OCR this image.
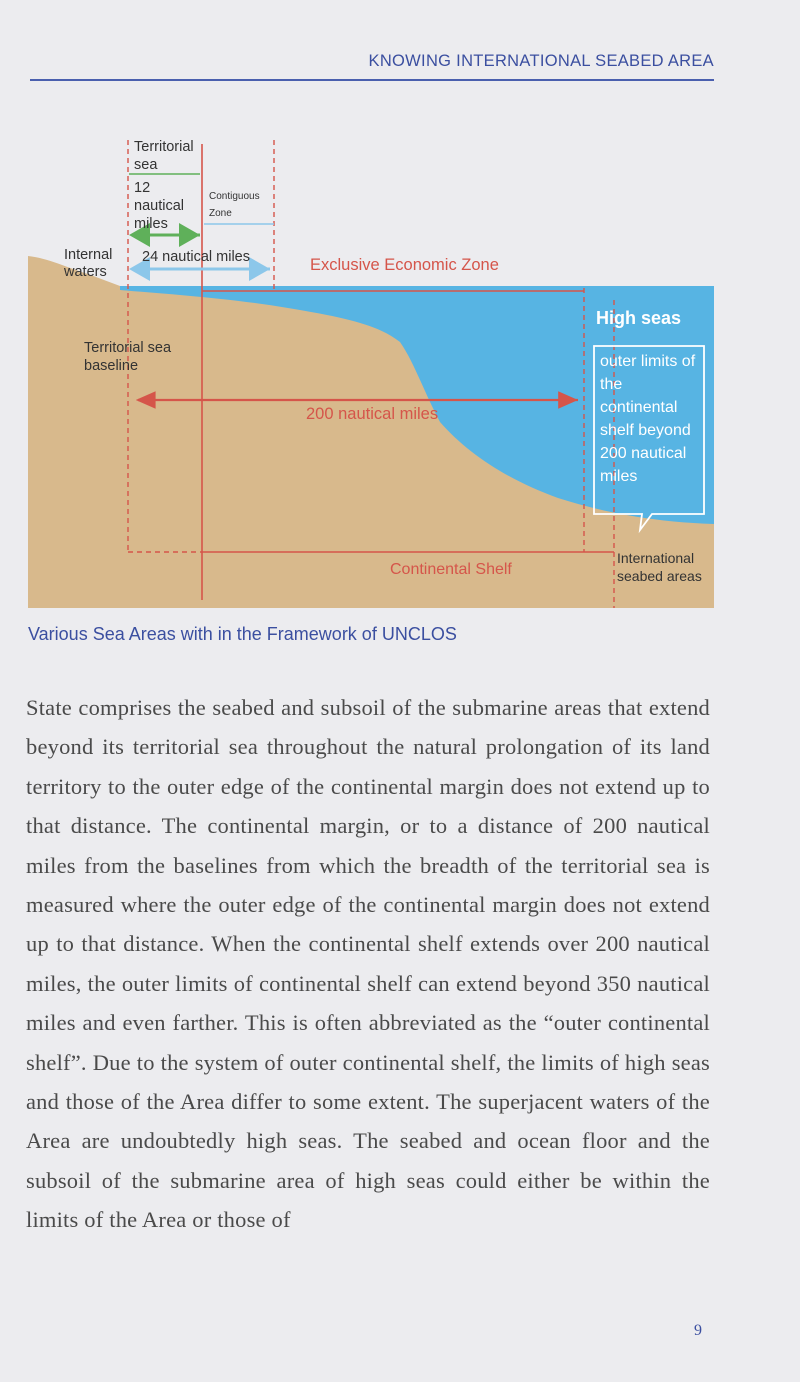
KNOWING INTERNATIONAL SEABED AREA
Territorial sea
12 nautical miles
Contiguous Zone
Internal waters
24 nautical miles	Exclusive Economic Zone
High seas
Territorial sea baseline
200 nautical miles
outer limits of the continental shelf beyond 200 nautical miles
Continental Shelf
International seabed areas
Various Sea Areas with in the Framework of UNCLOS
State comprises the seabed and subsoil of the submarine areas that extend beyond its territorial sea throughout the natural prolongation of its land territory to the outer edge of the continental margin does not extend up to that distance. The continental margin, or to a distance of 200 nautical miles from the baselines from which the breadth of the territorial sea is measured where the outer edge of the continental margin does not extend up to that distance. When the continental shelf extends over 200 nautical miles, the outer limits of continental shelf can extend beyond 350 nautical miles and even farther. This is often abbreviated as the “outer continental shelf”. Due to the system of outer continental shelf, the limits of high seas and those of the Area differ to some extent. The superjacent waters of the Area are undoubtedly high seas. The seabed and ocean floor and the subsoil of the submarine area of high seas could either be within the limits of the Area or those of
9
